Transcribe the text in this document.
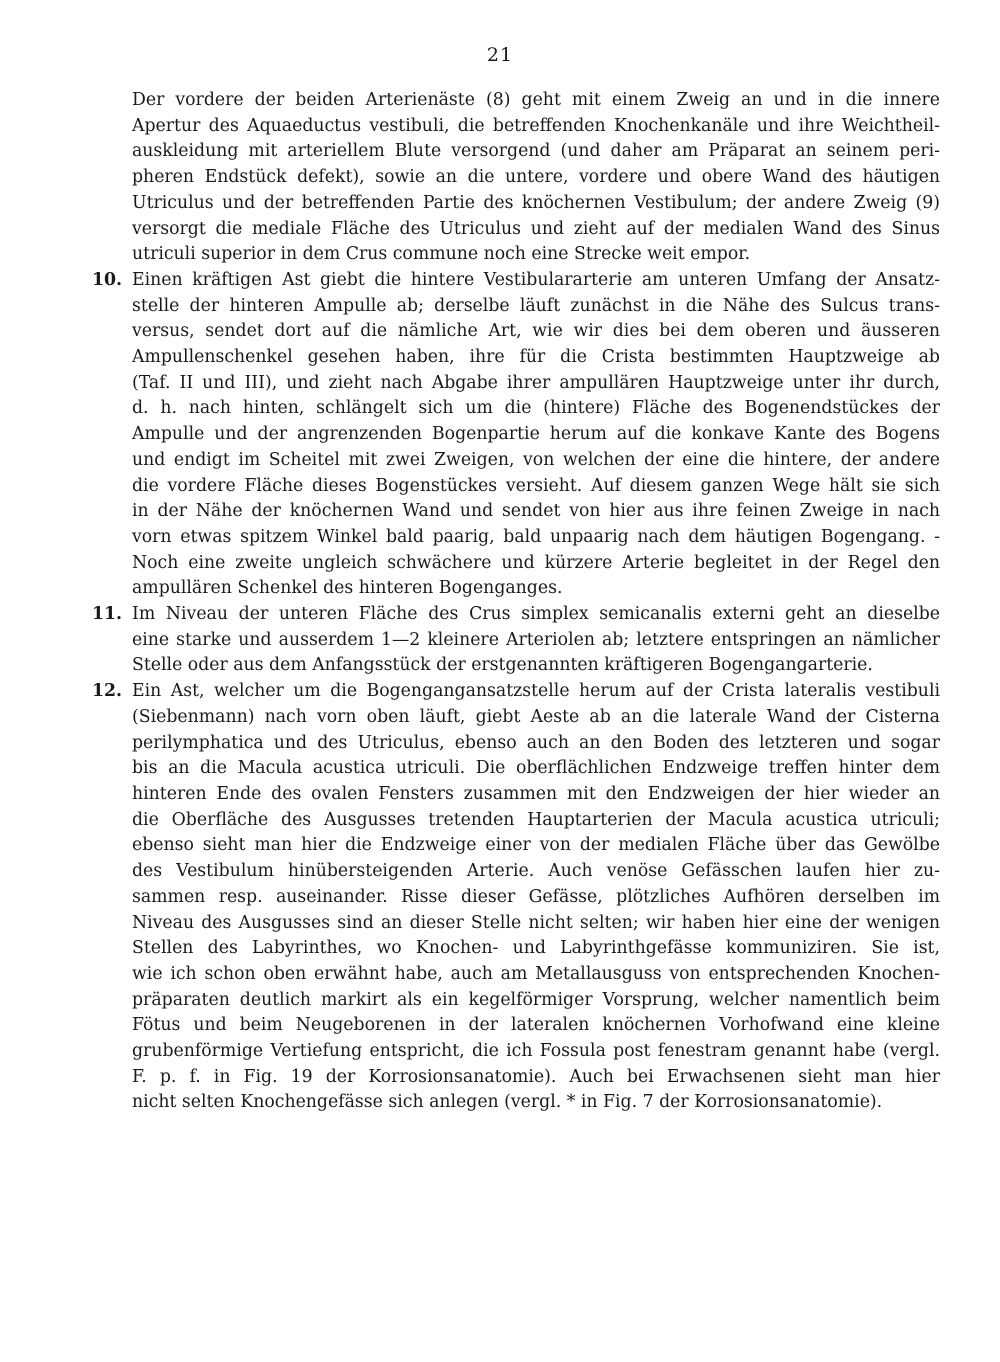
21
Der vordere der beiden Arterienäste (8) geht mit einem Zweig an und in die innere
Apertur des Aquaeductus vestibuli, die betreffenden Knochenkanäle und ihre Weichtheil-
auskleidung mit arteriellem Blute versorgend (und daher am Präparat an seinem peri-
pheren Endstück defekt), sowie an die untere, vordere und obere Wand des häutigen
Utriculus und der betreffenden Partie des knöchernen Vestibulum; der andere Zweig (9)
versorgt die mediale Fläche des Utriculus und zieht auf der medialen Wand des Sinus
utriculi superior in dem Crus commune noch eine Strecke weit empor.
10. Einen kräftigen Ast giebt die hintere Vestibulararterie am unteren Umfang der Ansatz-
stelle der hinteren Ampulle ab; derselbe läuft zunächst in die Nähe des Sulcus trans-
versus, sendet dort auf die nämliche Art, wie wir dies bei dem oberen und äusseren
Ampullenschenkel gesehen haben, ihre für die Crista bestimmten Hauptzweige ab
(Taf. II und III), und zieht nach Abgabe ihrer ampullären Hauptzweige unter ihr durch,
d. h. nach hinten, schlängelt sich um die (hintere) Fläche des Bogenendstückes der
Ampulle und der angrenzenden Bogenpartie herum auf die konkave Kante des Bogens
und endigt im Scheitel mit zwei Zweigen, von welchen der eine die hintere, der andere
die vordere Fläche dieses Bogenstückes versieht. Auf diesem ganzen Wege hält sie sich
in der Nähe der knöchernen Wand und sendet von hier aus ihre feinen Zweige in nach
vorn etwas spitzem Winkel bald paarig, bald unpaarig nach dem häutigen Bogengang. -
Noch eine zweite ungleich schwächere und kürzere Arterie begleitet in der Regel den
ampullären Schenkel des hinteren Bogenganges.
11. Im Niveau der unteren Fläche des Crus simplex semicanalis externi geht an dieselbe
eine starke und ausserdem 1—2 kleinere Arteriolen ab; letztere entspringen an nämlicher
Stelle oder aus dem Anfangsstück der erstgenannten kräftigeren Bogengangarterie.
12. Ein Ast, welcher um die Bogengangansatzstelle herum auf der Crista lateralis vestibuli
(Siebenmann) nach vorn oben läuft, giebt Aeste ab an die laterale Wand der Cisterna
perilymphatica und des Utriculus, ebenso auch an den Boden des letzteren und sogar
bis an die Macula acustica utriculi. Die oberflächlichen Endzweige treffen hinter dem
hinteren Ende des ovalen Fensters zusammen mit den Endzweigen der hier wieder an
die Oberfläche des Ausgusses tretenden Hauptarterien der Macula acustica utriculi;
ebenso sieht man hier die Endzweige einer von der medialen Fläche über das Gewölbe
des Vestibulum hinübersteigenden Arterie. Auch venöse Gefässchen laufen hier zu-
sammen resp. auseinander. Risse dieser Gefässe, plötzliches Aufhören derselben im
Niveau des Ausgusses sind an dieser Stelle nicht selten; wir haben hier eine der wenigen
Stellen des Labyrinthes, wo Knochen- und Labyrinthgefässe kommuniziren. Sie ist,
wie ich schon oben erwähnt habe, auch am Metallausguss von entsprechenden Knochen-
präparaten deutlich markirt als ein kegelförmiger Vorsprung, welcher namentlich beim
Fötus und beim Neugeborenen in der lateralen knöchernen Vorhofwand eine kleine
grubenförmige Vertiefung entspricht, die ich Fossula post fenestram genannt habe (vergl.
F. p. f. in Fig. 19 der Korrosionsanatomie). Auch bei Erwachsenen sieht man hier
nicht selten Knochengefässe sich anlegen (vergl. * in Fig. 7 der Korrosionsanatomie).
